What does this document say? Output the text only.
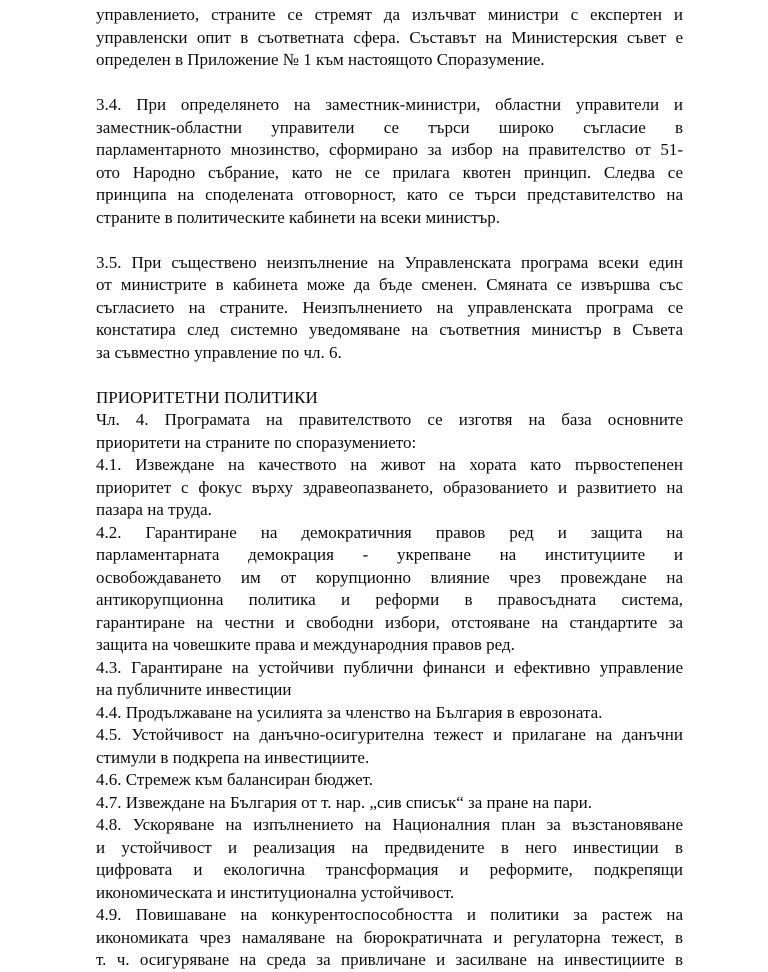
управлението, страните се стремят да излъчват министри с експертен и
управленски опит в съответната сфера. Съставът на Министерския съвет е
определен в Приложение № 1 към настоящото Споразумение.
3.4. При определянето на заместник-министри, областни управители и
заместник-областни управители се търси широко съгласие в
парламентарното мнозинство, сформирано за избор на правителство от 51-
ото Народно събрание, като не се прилага квотен принцип. Следва се
принципа на споделената отговорност, като се търси представителство на
страните в политическите кабинети на всеки министър.
3.5. При съществено неизпълнение на Управленската програма всеки един
от министрите в кабинета може да бъде сменен. Смяната се извършва със
съгласието на страните. Неизпълнението на управленската програма се
констатира след системно уведомяване на съответния министър в Съвета
за съвместно управление по чл. 6.
ПРИОРИТЕТНИ ПОЛИТИКИ
Чл. 4. Програмата на правителството се изготвя на база основните
приоритети на страните по споразумението:
4.1. Извеждане на качеството на живот на хората като първостепенен
приоритет с фокус върху здравеопазването, образованието и развитието на
пазара на труда.
4.2. Гарантиране на демократичния правов ред и защита на
парламентарната демокрация - укрепване на институциите и
освобождаването им от корупционно влияние чрез провеждане на
антикорупционна политика и реформи в правосъдната система,
гарантиране на честни и свободни избори, отстояване на стандартите за
защита на човешките права и международния правов ред.
4.3. Гарантиране на устойчиви публични финанси и ефективно управление
на публичните инвестиции
4.4. Продължаване на усилията за членство на България в еврозоната.
4.5. Устойчивост на данъчно-осигурителна тежест и прилагане на данъчни
стимули в подкрепа на инвестициите.
4.6. Стремеж към балансиран бюджет.
4.7. Извеждане на България от т. нар. „сив списък“ за пране на пари.
4.8. Ускоряване на изпълнението на Националния план за възстановяване
и устойчивост и реализация на предвидените в него инвестиции в
цифровата и екологична трансформация и реформите, подкрепящи
икономическата и институционална устойчивост.
4.9. Повишаване на конкурентоспособността и политики за растеж на
икономиката чрез намаляване на бюрократичната и регулаторна тежест, в
т. ч. осигуряване на среда за привличане и засилване на инвестициите в
